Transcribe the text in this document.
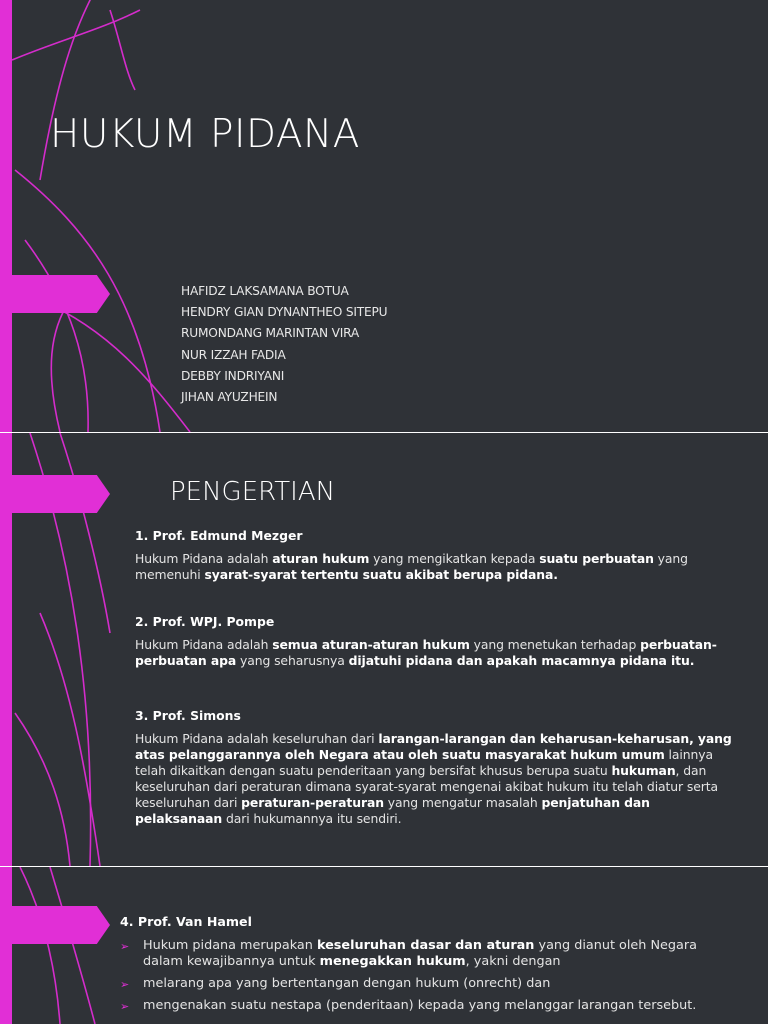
HUKUM PIDANA
HAFIDZ LAKSAMANA BOTUA
HENDRY GIAN DYNANTHEO SITEPU
RUMONDANG MARINTAN VIRA
NUR IZZAH FADIA
DEBBY INDRIYANI
JIHAN AYUZHEIN
PENGERTIAN
1. Prof. Edmund Mezger

Hukum Pidana adalah aturan hukum yang mengikatkan kepada suatu perbuatan yang memenuhi syarat-syarat tertentu suatu akibat berupa pidana.

2. Prof. WPJ. Pompe

Hukum Pidana adalah semua aturan-aturan hukum yang menetukan terhadap perbuatan-perbuatan apa yang seharusnya dijatuhi pidana dan apakah macamnya pidana itu.

3. Prof. Simons

Hukum Pidana adalah keseluruhan dari larangan-larangan dan keharusan-keharusan, yang atas pelanggarannya oleh Negara atau oleh suatu masyarakat hukum umum lainnya telah dikaitkan dengan suatu penderitaan yang bersifat khusus berupa suatu hukuman, dan keseluruhan dari peraturan dimana syarat-syarat mengenai akibat hukum itu telah diatur serta keseluruhan dari peraturan-peraturan yang mengatur masalah penjatuhan dan pelaksanaan dari hukumannya itu sendiri.

4. Prof. Van Hamel
➢ Hukum pidana merupakan keseluruhan dasar dan aturan yang dianut oleh Negara dalam kewajibannya untuk menegakkan hukum, yakni dengan
➢ melarang apa yang bertentangan dengan hukum (onrecht) dan
➢ mengenakan suatu nestapa (penderitaan) kepada yang melanggar larangan tersebut.
